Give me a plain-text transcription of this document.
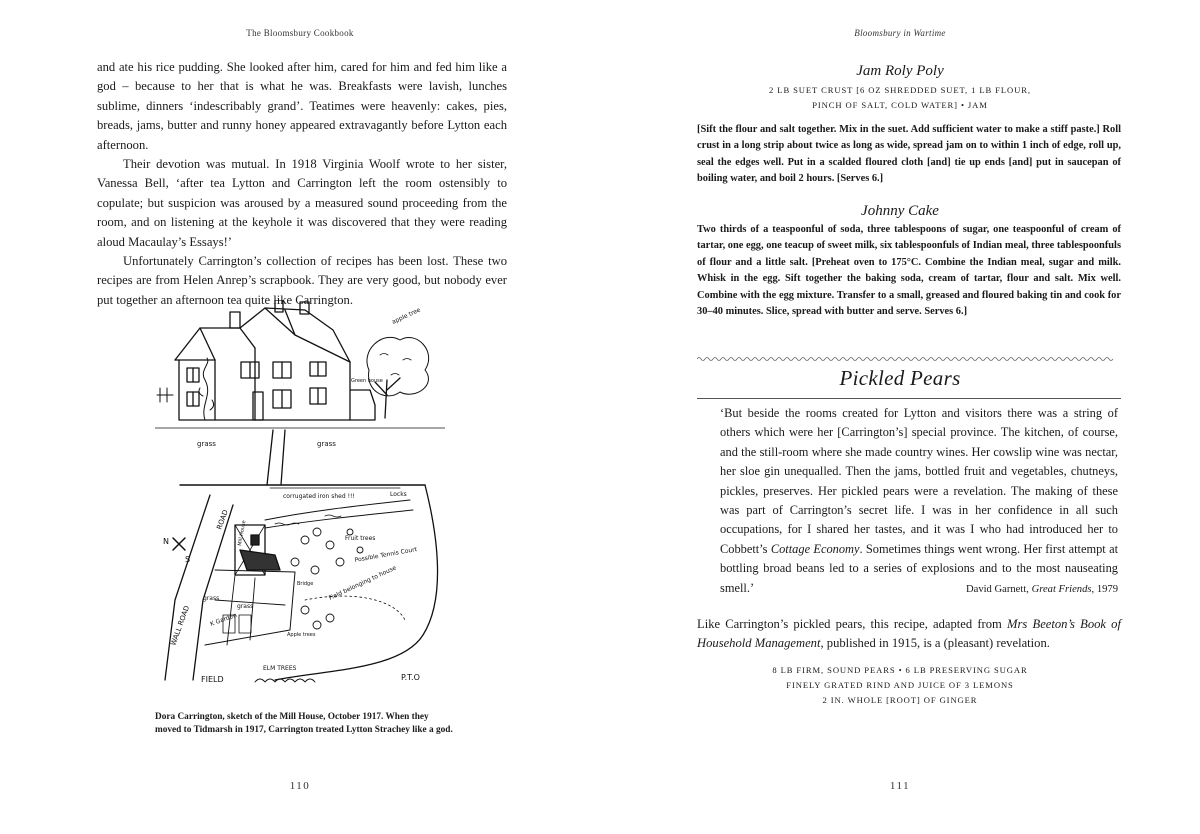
The Bloomsbury Cookbook

and ate his rice pudding. She looked after him, cared for him and fed him like a god – because to her that is what he was. Breakfasts were lavish, lunches sublime, dinners ‘indescribably grand’. Teatimes were heavenly: cakes, pies, breads, jams, butter and runny honey appeared extravagantly before Lytton each afternoon.

Their devotion was mutual. In 1918 Virginia Woolf wrote to her sister, Vanessa Bell, ‘after tea Lytton and Carrington left the room ostensibly to copulate; but suspicion was aroused by a measured sound proceeding from the room, and on listening at the keyhole it was discovered that they were reading aloud Macaulay’s Essays!’

Unfortunately Carrington’s collection of recipes has been lost. These two recipes are from Helen Anrep’s scrapbook. They are very good, but nobody ever put together an afternoon tea quite like Carrington.

grass	grass
apple tree
Green house
corrugated iron shed !!!	Locks
ROAD
Mill House	Fruit trees
Possible Tennis Court
Bridge Field belonging to house
grass
grass
WALL ROAD	K Garden
Apple trees
FIELD
ELM TREES
P.T.O
N
S

Dora Carrington, sketch of the Mill House, October 1917. When they moved to Tidmarsh in 1917, Carrington treated Lytton Strachey like a god.

110
Bloomsbury in Wartime
Jam Roly Poly

2 LB SUET CRUST [6 OZ SHREDDED SUET, 1 LB FLOUR,

PINCH OF SALT, COLD WATER] • JAM

[Sift the flour and salt together. Mix in the suet. Add sufficient water to make a stiff paste.] Roll crust in a long strip about twice as long as wide, spread jam on to within 1 inch of edge, roll up, seal the edges well. Put in a scalded floured cloth [and] tie up ends [and] put in saucepan of boiling water, and boil 2 hours. [Serves 6.]

Johnny Cake

Two thirds of a teaspoonful of soda, three tablespoons of sugar, one teaspoonful of cream of tartar, one egg, one teacup of sweet milk, six tablespoonfuls of Indian meal, three tablespoonfuls of flour and a little salt. [Preheat oven to 175°C. Combine the Indian meal, sugar and milk. Whisk in the egg. Sift together the baking soda, cream of tartar, flour and salt. Mix well. Combine with the egg mixture. Transfer to a small, greased and floured baking tin and cook for 30–40 minutes. Slice, spread with butter and serve. Serves 6.]

Pickled Pears

‘But beside the rooms created for Lytton and visitors there was a string of others which were her [Carrington’s] special province. The kitchen, of course, and the still-room where she made country wines. Her cowslip wine was nectar, her sloe gin unequalled. Then the jams, bottled fruit and vegetables, chutneys, pickles, preserves. Her pickled pears were a revelation. The making of these was part of Carrington’s secret life. I was in her confidence in all such occupations, for I shared her tastes, and it was I who had introduced her to Cobbett’s Cottage Economy. Sometimes things went wrong. Her first attempt at bottling broad beans led to a series of explosions and to the most nauseating smell.’	David Garnett, Great Friends, 1979

Like Carrington’s pickled pears, this recipe, adapted from Mrs Beeton’s Book of Household Management, published in 1915, is a (pleasant) revelation.

8 LB FIRM, SOUND PEARS • 6 LB PRESERVING SUGAR

FINELY GRATED RIND AND JUICE OF 3 LEMONS

2 IN. WHOLE [ROOT] OF GINGER

111
